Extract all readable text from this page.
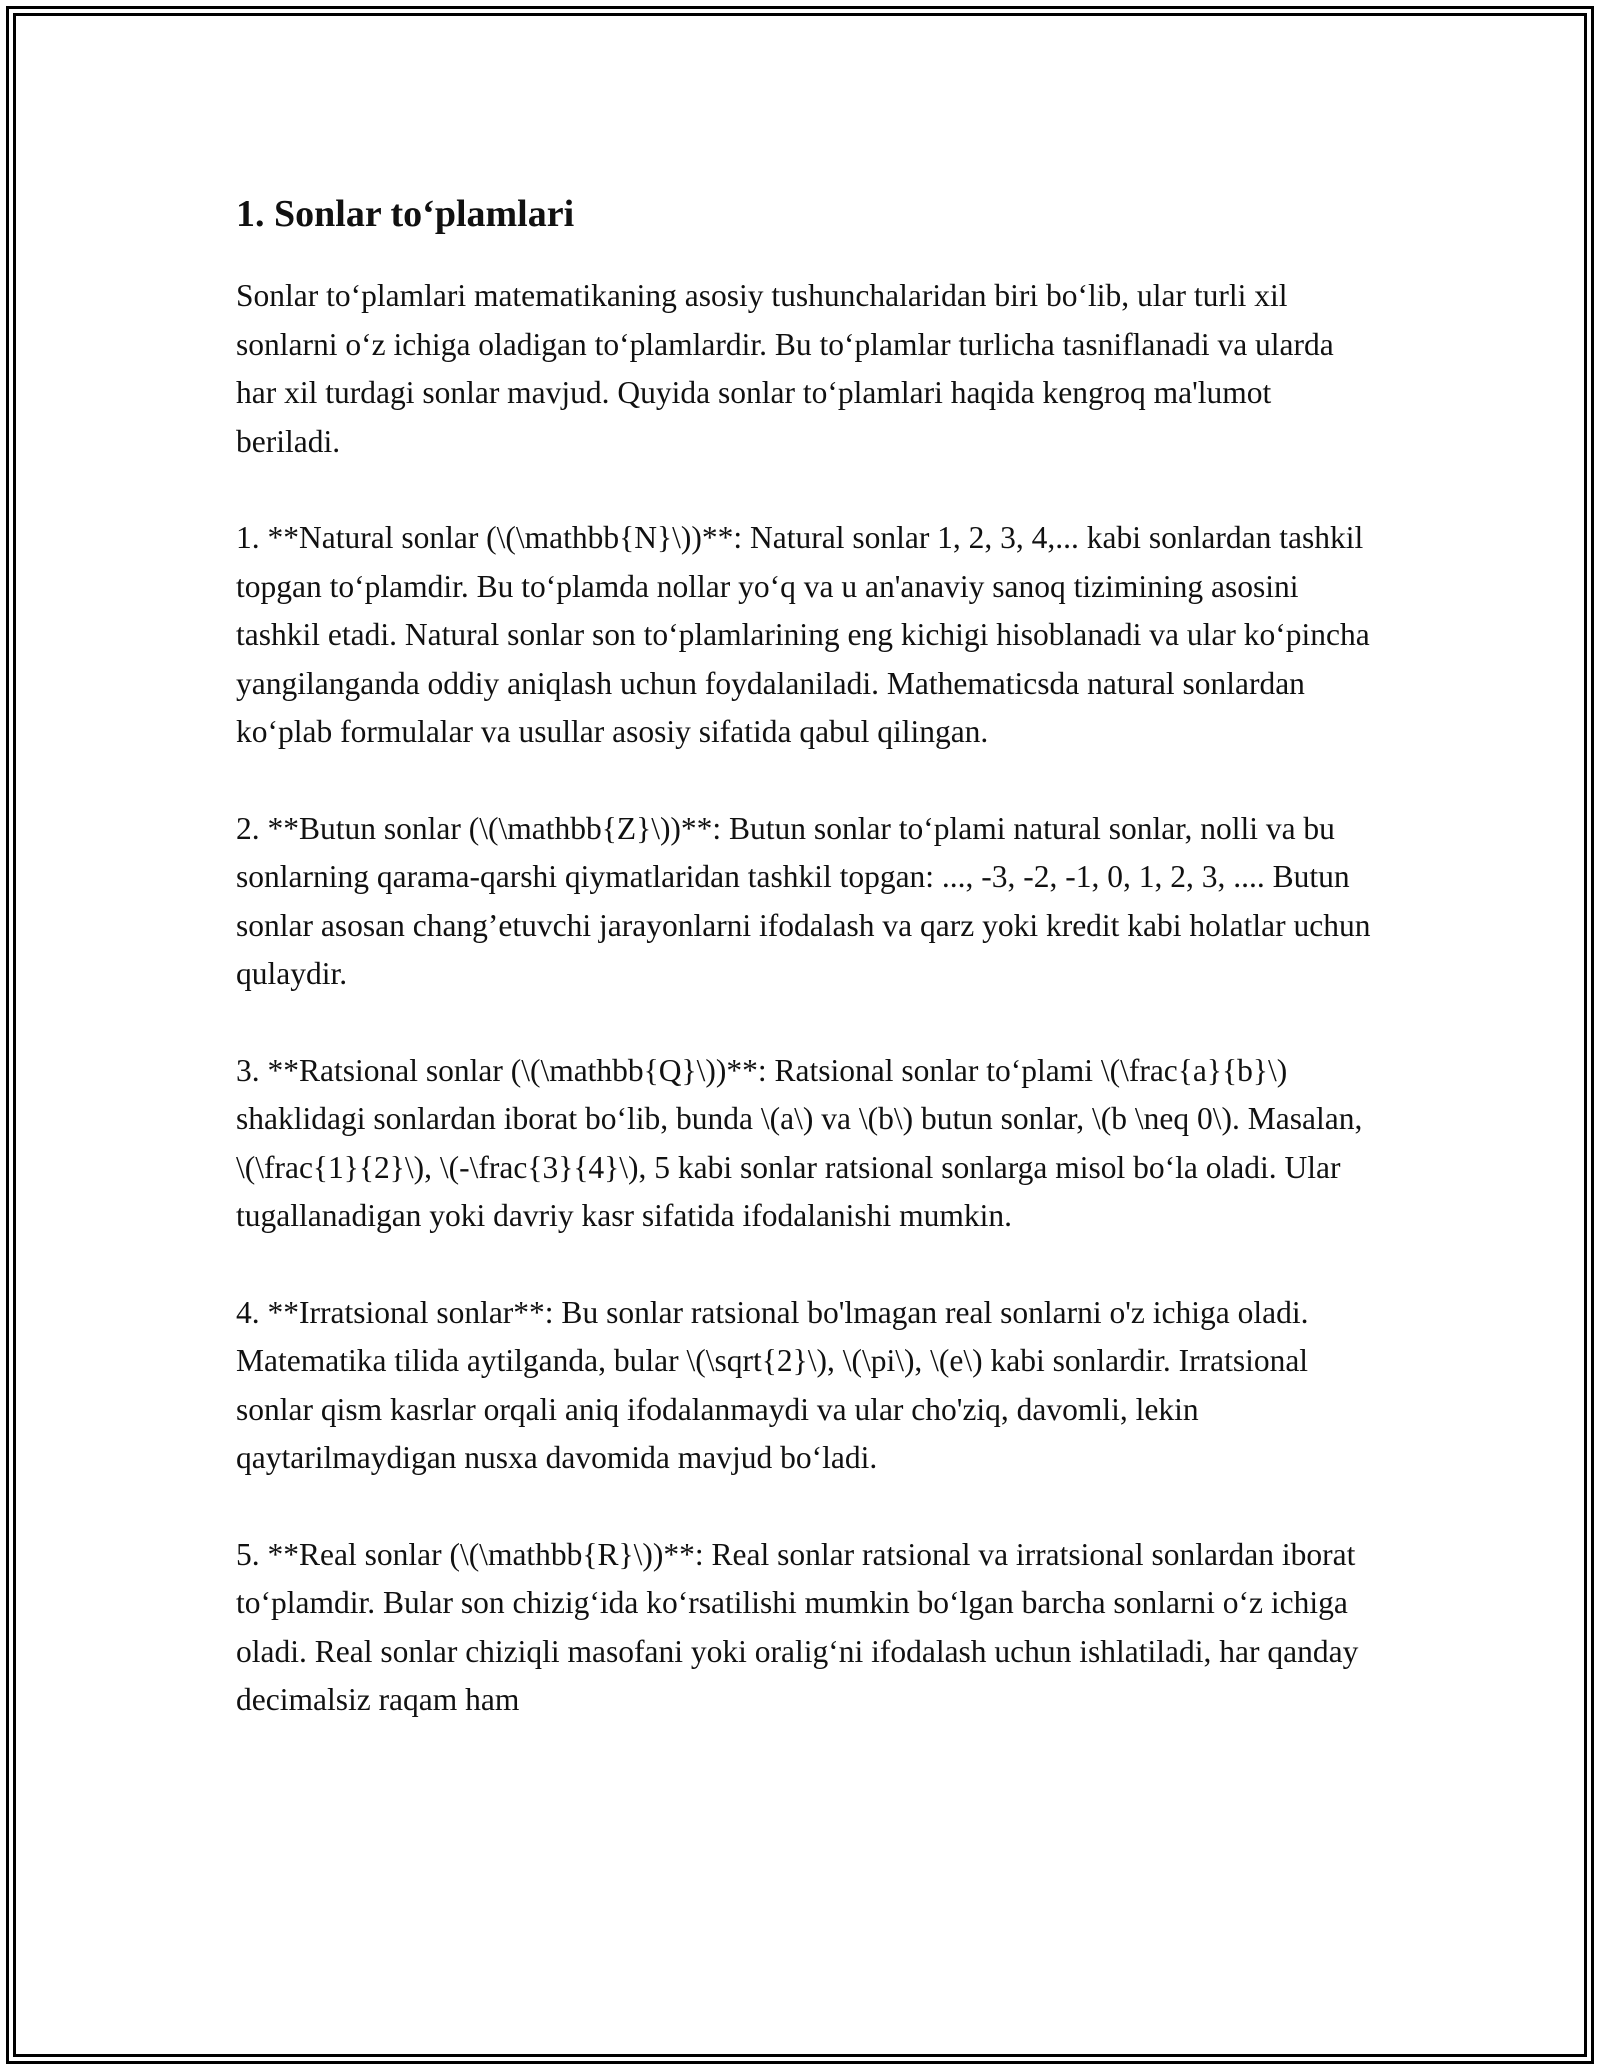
1. Sonlar to‘plamlari

Sonlar to‘plamlari matematikaning asosiy tushunchalaridan biri bo‘lib, ular turli xil sonlarni o‘z ichiga oladigan to‘plamlardir. Bu to‘plamlar turlicha tasniflanadi va ularda har xil turdagi sonlar mavjud. Quyida sonlar to‘plamlari haqida kengroq ma'lumot beriladi.

1. **Natural sonlar (\(\mathbb{N}\))**: Natural sonlar 1, 2, 3, 4,... kabi sonlardan tashkil topgan to‘plamdir. Bu to‘plamda nollar yo‘q va u an'anaviy sanoq tizimining asosini tashkil etadi. Natural sonlar son to‘plamlarining eng kichigi hisoblanadi va ular ko‘pincha yangilanganda oddiy aniqlash uchun foydalaniladi. Mathematicsda natural sonlardan ko‘plab formulalar va usullar asosiy sifatida qabul qilingan.

2. **Butun sonlar (\(\mathbb{Z}\))**: Butun sonlar to‘plami natural sonlar, nolli va bu sonlarning qarama-qarshi qiymatlaridan tashkil topgan: ..., -3, -2, -1, 0, 1, 2, 3, .... Butun sonlar asosan chang’etuvchi jarayonlarni ifodalash va qarz yoki kredit kabi holatlar uchun qulaydir.

3. **Ratsional sonlar (\(\mathbb{Q}\))**: Ratsional sonlar to‘plami \(\frac{a}{b}\) shaklidagi sonlardan iborat bo‘lib, bunda \(a\) va \(b\) butun sonlar, \(b \neq 0\). Masalan, \(\frac{1}{2}\), \(-\frac{3}{4}\), 5 kabi sonlar ratsional sonlarga misol bo‘la oladi. Ular tugallanadigan yoki davriy kasr sifatida ifodalanishi mumkin.

4. **Irratsional sonlar**: Bu sonlar ratsional bo'lmagan real sonlarni o'z ichiga oladi. Matematika tilida aytilganda, bular \(\sqrt{2}\), \(\pi\), \(e\) kabi sonlardir. Irratsional sonlar qism kasrlar orqali aniq ifodalanmaydi va ular cho'ziq, davomli, lekin qaytarilmaydigan nusxa davomida mavjud bo‘ladi.

5. **Real sonlar (\(\mathbb{R}\))**: Real sonlar ratsional va irratsional sonlardan iborat to‘plamdir. Bular son chizig‘ida ko‘rsatilishi mumkin bo‘lgan barcha sonlarni o‘z ichiga oladi. Real sonlar chiziqli masofani yoki oralig‘ni ifodalash uchun ishlatiladi, har qanday decimalsiz raqam ham
